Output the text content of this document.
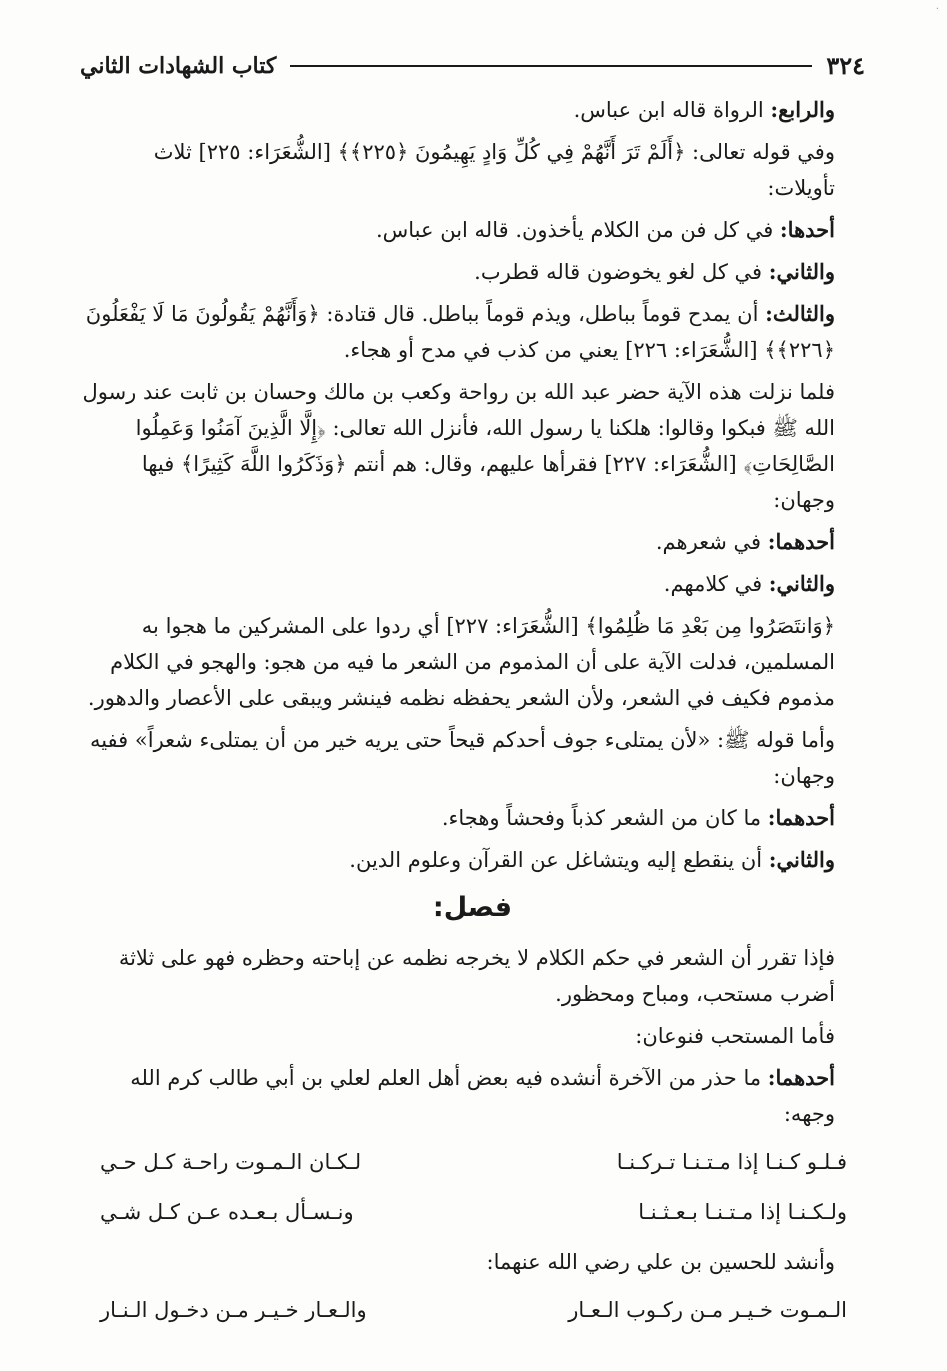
·
٣٢٤
كتاب الشهادات الثاني

والرابع: الرواة قاله ابن عباس.

وفي قوله تعالى: ﴿أَلَمْ تَرَ أَنَّهُمْ فِي كُلِّ وَادٍ يَهِيمُونَ ﴿٢٢٥﴾﴾ [الشُّعَرَاء: ٢٢٥] ثلاث تأويلات:

أحدها: في كل فن من الكلام يأخذون. قاله ابن عباس.

والثاني: في كل لغو يخوضون قاله قطرب.

والثالث: أن يمدح قوماً بباطل، ويذم قوماً بباطل. قال قتادة: ﴿وَأَنَّهُمْ يَقُولُونَ مَا لَا يَفْعَلُونَ ﴿٢٢٦﴾﴾ [الشُّعَرَاء: ٢٢٦] يعني من كذب في مدح أو هجاء.

فلما نزلت هذه الآية حضر عبد الله بن رواحة وكعب بن مالك وحسان بن ثابت عند رسول الله ﷺ فبكوا وقالوا: هلكنا يا رسول الله، فأنزل الله تعالى: ﴿إِلَّا الَّذِينَ آمَنُوا وَعَمِلُوا الصَّالِحَاتِ﴾ [الشُّعَرَاء: ٢٢٧] فقرأها عليهم، وقال: هم أنتم ﴿وَذَكَرُوا اللَّهَ كَثِيرًا﴾ فيها وجهان:

أحدهما: في شعرهم.

والثاني: في كلامهم.

﴿وَانتَصَرُوا مِن بَعْدِ مَا ظُلِمُوا﴾ [الشُّعَرَاء: ٢٢٧] أي ردوا على المشركين ما هجوا به المسلمين، فدلت الآية على أن المذموم من الشعر ما فيه من هجو: والهجو في الكلام مذموم فكيف في الشعر، ولأن الشعر يحفظه نظمه فينشر ويبقى على الأعصار والدهور.

وأما قوله ﷺ: «لأن يمتلىء جوف أحدكم قيحاً حتى يريه خير من أن يمتلىء شعراً» ففيه وجهان:

أحدهما: ما كان من الشعر كذباً وفحشاً وهجاء.

والثاني: أن ينقطع إليه ويتشاغل عن القرآن وعلوم الدين.

فصل:

فإذا تقرر أن الشعر في حكم الكلام لا يخرجه نظمه عن إباحته وحظره فهو على ثلاثة أضرب مستحب، ومباح ومحظور.

فأما المستحب فنوعان:

أحدهما: ما حذر من الآخرة أنشده فيه بعض أهل العلم لعلي بن أبي طالب كرم الله وجهه:

فـلـو كـنـا إذا مـتـنـا تـركـنـا
لـكـان الـمـوت راحـة كـل حـي
ولـكـنـا إذا مـتـنـا بـعـثـنـا
ونـسـأل بـعـده عـن كـل شـي

وأنشد للحسين بن علي رضي الله عنهما:

الـمـوت خـيـر مـن ركـوب الـعـار
والـعـار خـيـر مـن دخـول الـنـار
